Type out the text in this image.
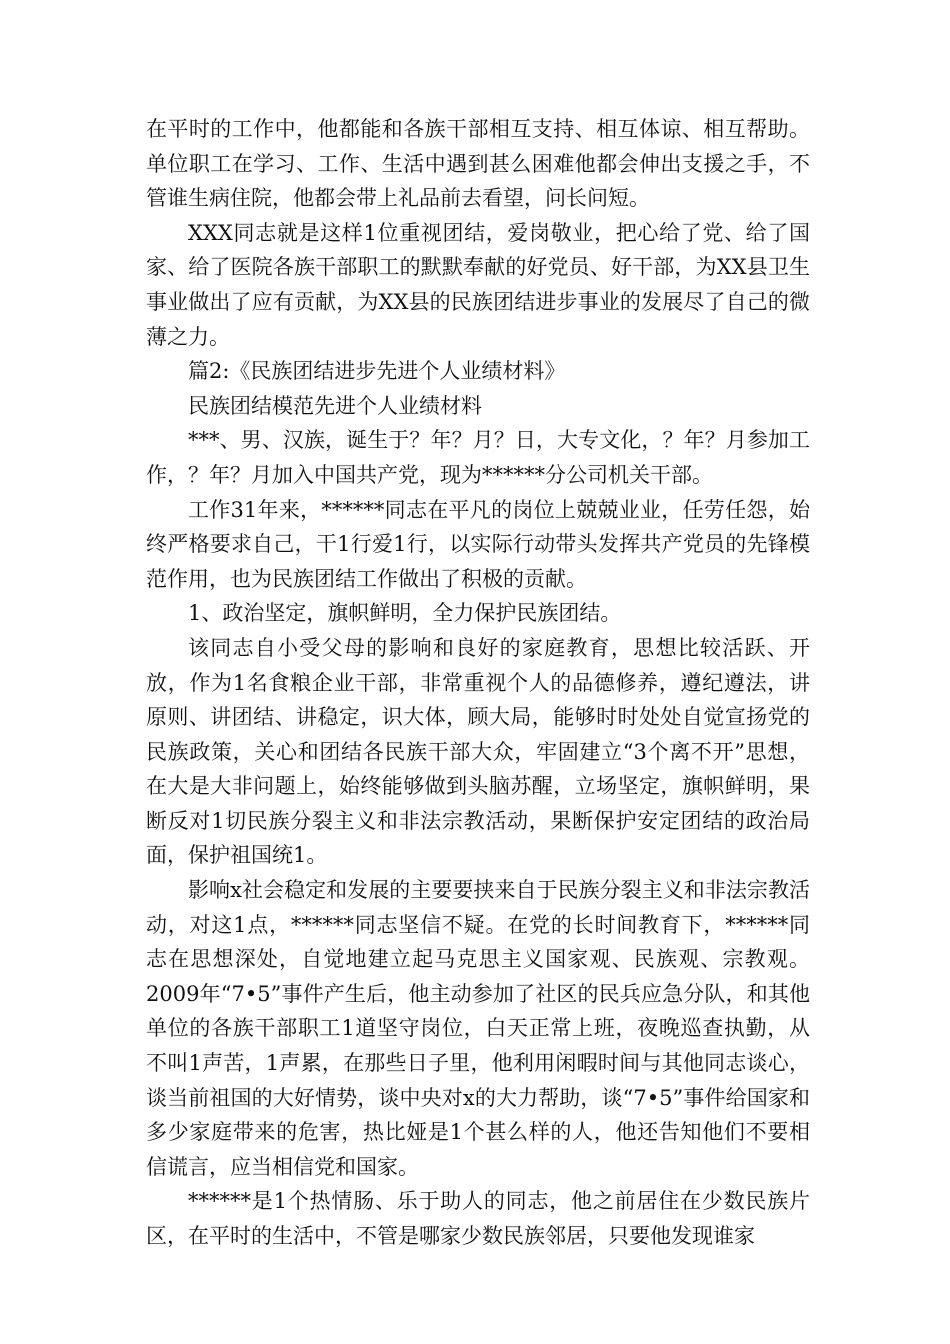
在平时的工作中，他都能和各族干部相互支持、相互体谅、相互帮助。单位职工在学习、工作、生活中遇到甚么困难他都会伸出支援之手，不管谁生病住院，他都会带上礼品前去看望，问长问短。

XXX同志就是这样1位重视团结，爱岗敬业，把心给了党、给了国家、给了医院各族干部职工的默默奉献的好党员、好干部，为XX县卫生事业做出了应有贡献，为XX县的民族团结进步事业的发展尽了自己的微薄之力。

篇2:《民族团结进步先进个人业绩材料》

民族团结模范先进个人业绩材料

***、男、汉族，诞生于？年？月？日，大专文化，？年？月参加工作，？年？月加入中国共产党，现为******分公司机关干部。

工作31年来，******同志在平凡的岗位上兢兢业业，任劳任怨，始终严格要求自己，干1行爱1行，以实际行动带头发挥共产党员的先锋模范作用，也为民族团结工作做出了积极的贡献。

1、政治坚定，旗帜鲜明，全力保护民族团结。

该同志自小受父母的影响和良好的家庭教育，思想比较活跃、开放，作为1名食粮企业干部，非常重视个人的品德修养，遵纪遵法，讲原则、讲团结、讲稳定，识大体，顾大局，能够时时处处自觉宣扬党的民族政策，关心和团结各民族干部大众，牢固建立“3个离不开”思想，在大是大非问题上，始终能够做到头脑苏醒，立场坚定，旗帜鲜明，果断反对1切民族分裂主义和非法宗教活动，果断保护安定团结的政治局面，保护祖国统1。

影响x社会稳定和发展的主要要挟来自于民族分裂主义和非法宗教活动，对这1点，******同志坚信不疑。在党的长时间教育下，******同志在思想深处，自觉地建立起马克思主义国家观、民族观、宗教观。2009年“7•5”事件产生后，他主动参加了社区的民兵应急分队，和其他单位的各族干部职工1道坚守岗位，白天正常上班，夜晚巡查执勤，从不叫1声苦，1声累，在那些日子里，他利用闲暇时间与其他同志谈心，谈当前祖国的大好情势，谈中央对x的大力帮助，谈“7•5”事件给国家和多少家庭带来的危害，热比娅是1个甚么样的人，他还告知他们不要相信谎言，应当相信党和国家。

******是1个热情肠、乐于助人的同志，他之前居住在少数民族片区，在平时的生活中，不管是哪家少数民族邻居，只要他发现谁家
